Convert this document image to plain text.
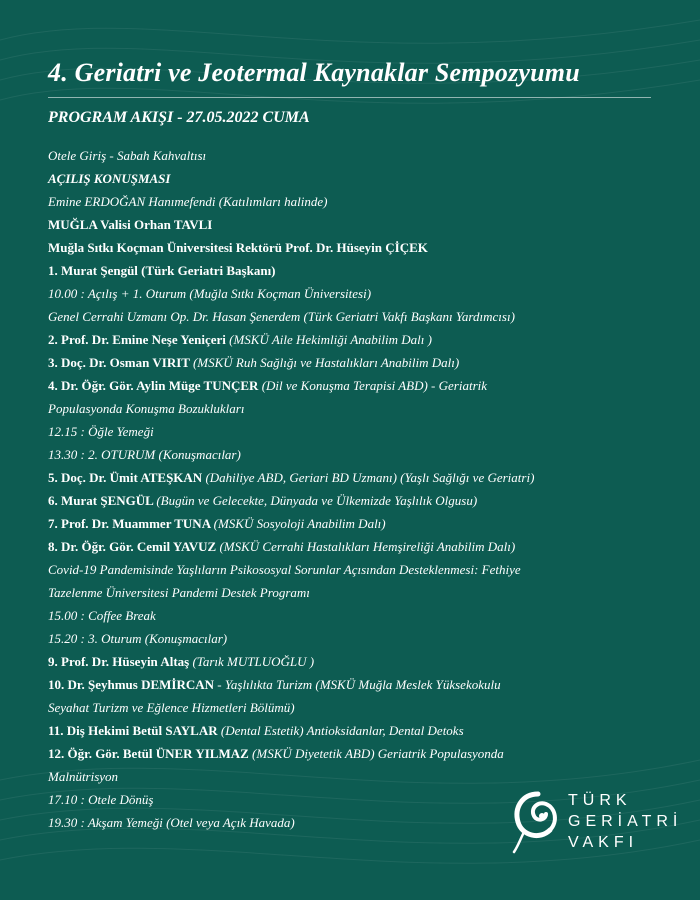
4. Geriatri ve Jeotermal Kaynaklar Sempozyumu
PROGRAM AKIŞI - 27.05.2022 CUMA
Otele Giriş - Sabah Kahvaltısı
AÇILIŞ KONUŞMASI
Emine ERDOĞAN Hanımefendi (Katılımları halinde)
MUĞLA Valisi Orhan TAVLI
Muğla Sıtkı Koçman Üniversitesi Rektörü Prof. Dr. Hüseyin ÇİÇEK
1. Murat Şengül (Türk Geriatri Başkanı)
10.00 : Açılış + 1. Oturum (Muğla Sıtkı Koçman Üniversitesi)
Genel Cerrahi Uzmanı Op. Dr. Hasan Şenerdem (Türk Geriatri Vakfı Başkanı Yardımcısı)
2. Prof. Dr. Emine Neşe Yeniçeri (MSKÜ Aile Hekimliği Anabilim Dalı )
3. Doç. Dr. Osman VIRIT (MSKÜ Ruh Sağlığı ve Hastalıkları Anabilim Dalı)
4. Dr. Öğr. Gör. Aylin Müge TUNÇER (Dil ve Konuşma Terapisi ABD) - Geriatrik
Populasyonda Konuşma Bozuklukları
12.15 : Öğle Yemeği
13.30 : 2. OTURUM (Konuşmacılar)
5. Doç. Dr. Ümit ATEŞKAN (Dahiliye ABD, Geriari BD Uzmanı) (Yaşlı Sağlığı ve Geriatri)
6. Murat ŞENGÜL (Bugün ve Gelecekte, Dünyada ve Ülkemizde Yaşlılık Olgusu)
7. Prof. Dr. Muammer TUNA (MSKÜ Sosyoloji Anabilim Dalı)
8. Dr. Öğr. Gör. Cemil YAVUZ (MSKÜ Cerrahi Hastalıkları Hemşireliği Anabilim Dalı)
Covid-19 Pandemisinde Yaşlıların Psikososyal Sorunlar Açısından Desteklenmesi: Fethiye
Tazelenme Üniversitesi Pandemi Destek Programı
15.00 : Coffee Break
15.20 : 3. Oturum (Konuşmacılar)
9. Prof. Dr. Hüseyin Altaş (Tarık MUTLUOĞLU )
10. Dr. Şeyhmus DEMİRCAN - Yaşlılıkta Turizm (MSKÜ Muğla Meslek Yüksekokulu
Seyahat Turizm ve Eğlence Hizmetleri Bölümü)
11. Diş Hekimi Betül SAYLAR (Dental Estetik) Antioksidanlar, Dental Detoks
12. Öğr. Gör. Betül ÜNER YILMAZ (MSKÜ Diyetetik ABD) Geriatrik Populasyonda
Malnütrisyon
17.10 : Otele Dönüş
19.30 : Akşam Yemeği (Otel veya Açık Havada)
TÜRK
GERİATRİ
VAKFI
